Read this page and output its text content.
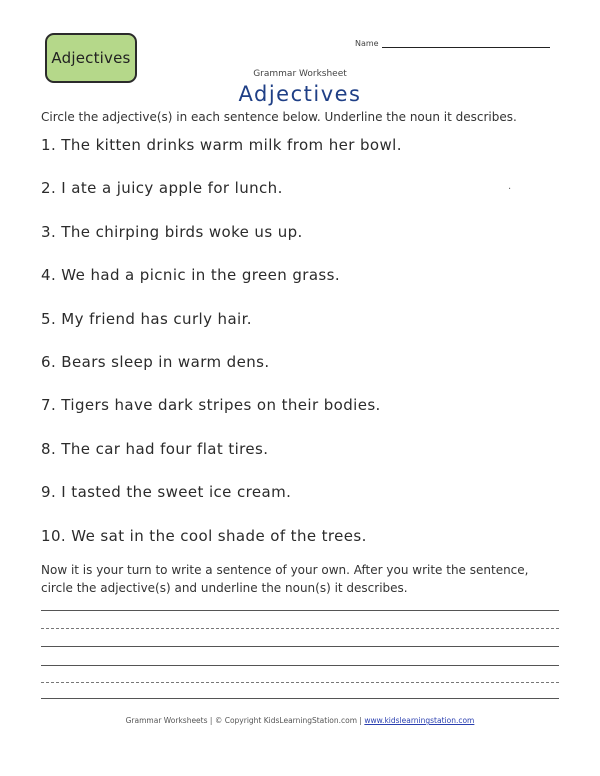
Adjectives
Name
Grammar Worksheet
Adjectives
Circle the adjective(s) in each sentence below. Underline the noun it describes.
1. The kitten drinks warm milk from her bowl.
2. I ate a juicy apple for lunch.
3. The chirping birds woke us up.
4. We had a picnic in the green grass.
5. My friend has curly hair.
6. Bears sleep in warm dens.
7. Tigers have dark stripes on their bodies.
8. The car had four flat tires.
9. I tasted the sweet ice cream.
10. We sat in the cool shade of the trees.
.
Now it is your turn to write a sentence of your own. After you write the sentence, circle the adjective(s) and underline the noun(s) it describes.
Grammar Worksheets | © Copyright KidsLearningStation.com | www.kidslearningstation.com
